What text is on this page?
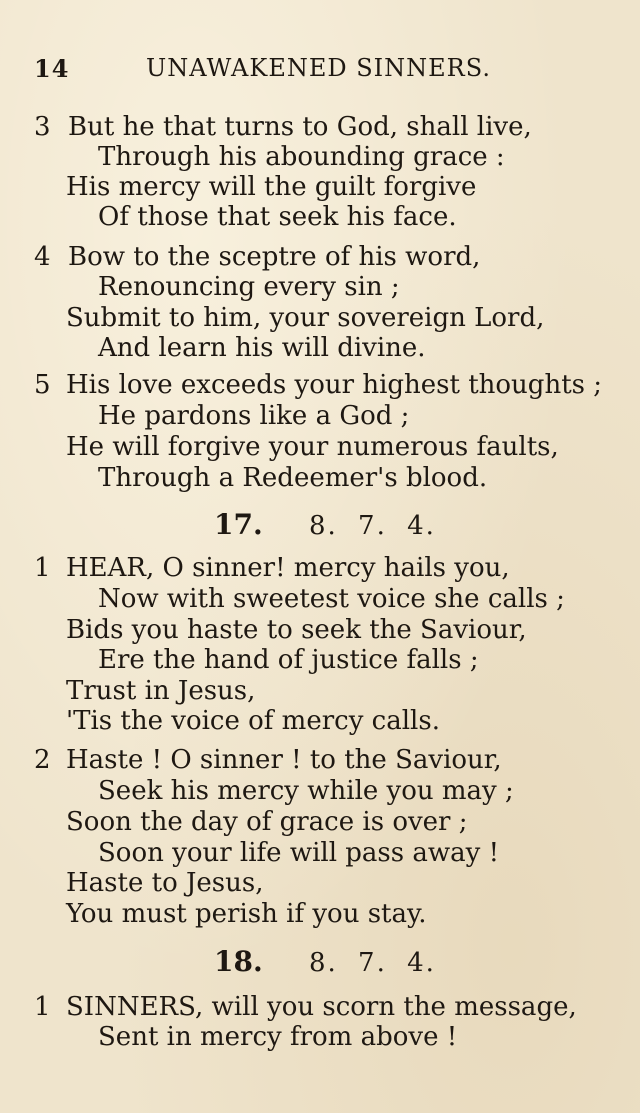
14	UNAWAKENED SINNERS.
3 But he that turns to God, shall live,
Through his abounding grace :
His mercy will the guilt forgive
Of those that seek his face.
4 Bow to the sceptre of his word,
Renouncing every sin ;
Submit to him, your sovereign Lord,
And learn his will divine.
5 His love exceeds your highest thoughts ;
He pardons like a God ;
He will forgive your numerous faults,
Through a Redeemer's blood.
17. 8. 7. 4.
1 HEAR, O sinner! mercy hails you,
Now with sweetest voice she calls ;
Bids you haste to seek the Saviour,
Ere the hand of justice falls ;
Trust in Jesus,
'Tis the voice of mercy calls.
2 Haste ! O sinner ! to the Saviour,
Seek his mercy while you may ;
Soon the day of grace is over ;
Soon your life will pass away !
Haste to Jesus,
You must perish if you stay.
18. 8. 7. 4.
1 SINNERS, will you scorn the message,
Sent in mercy from above !
